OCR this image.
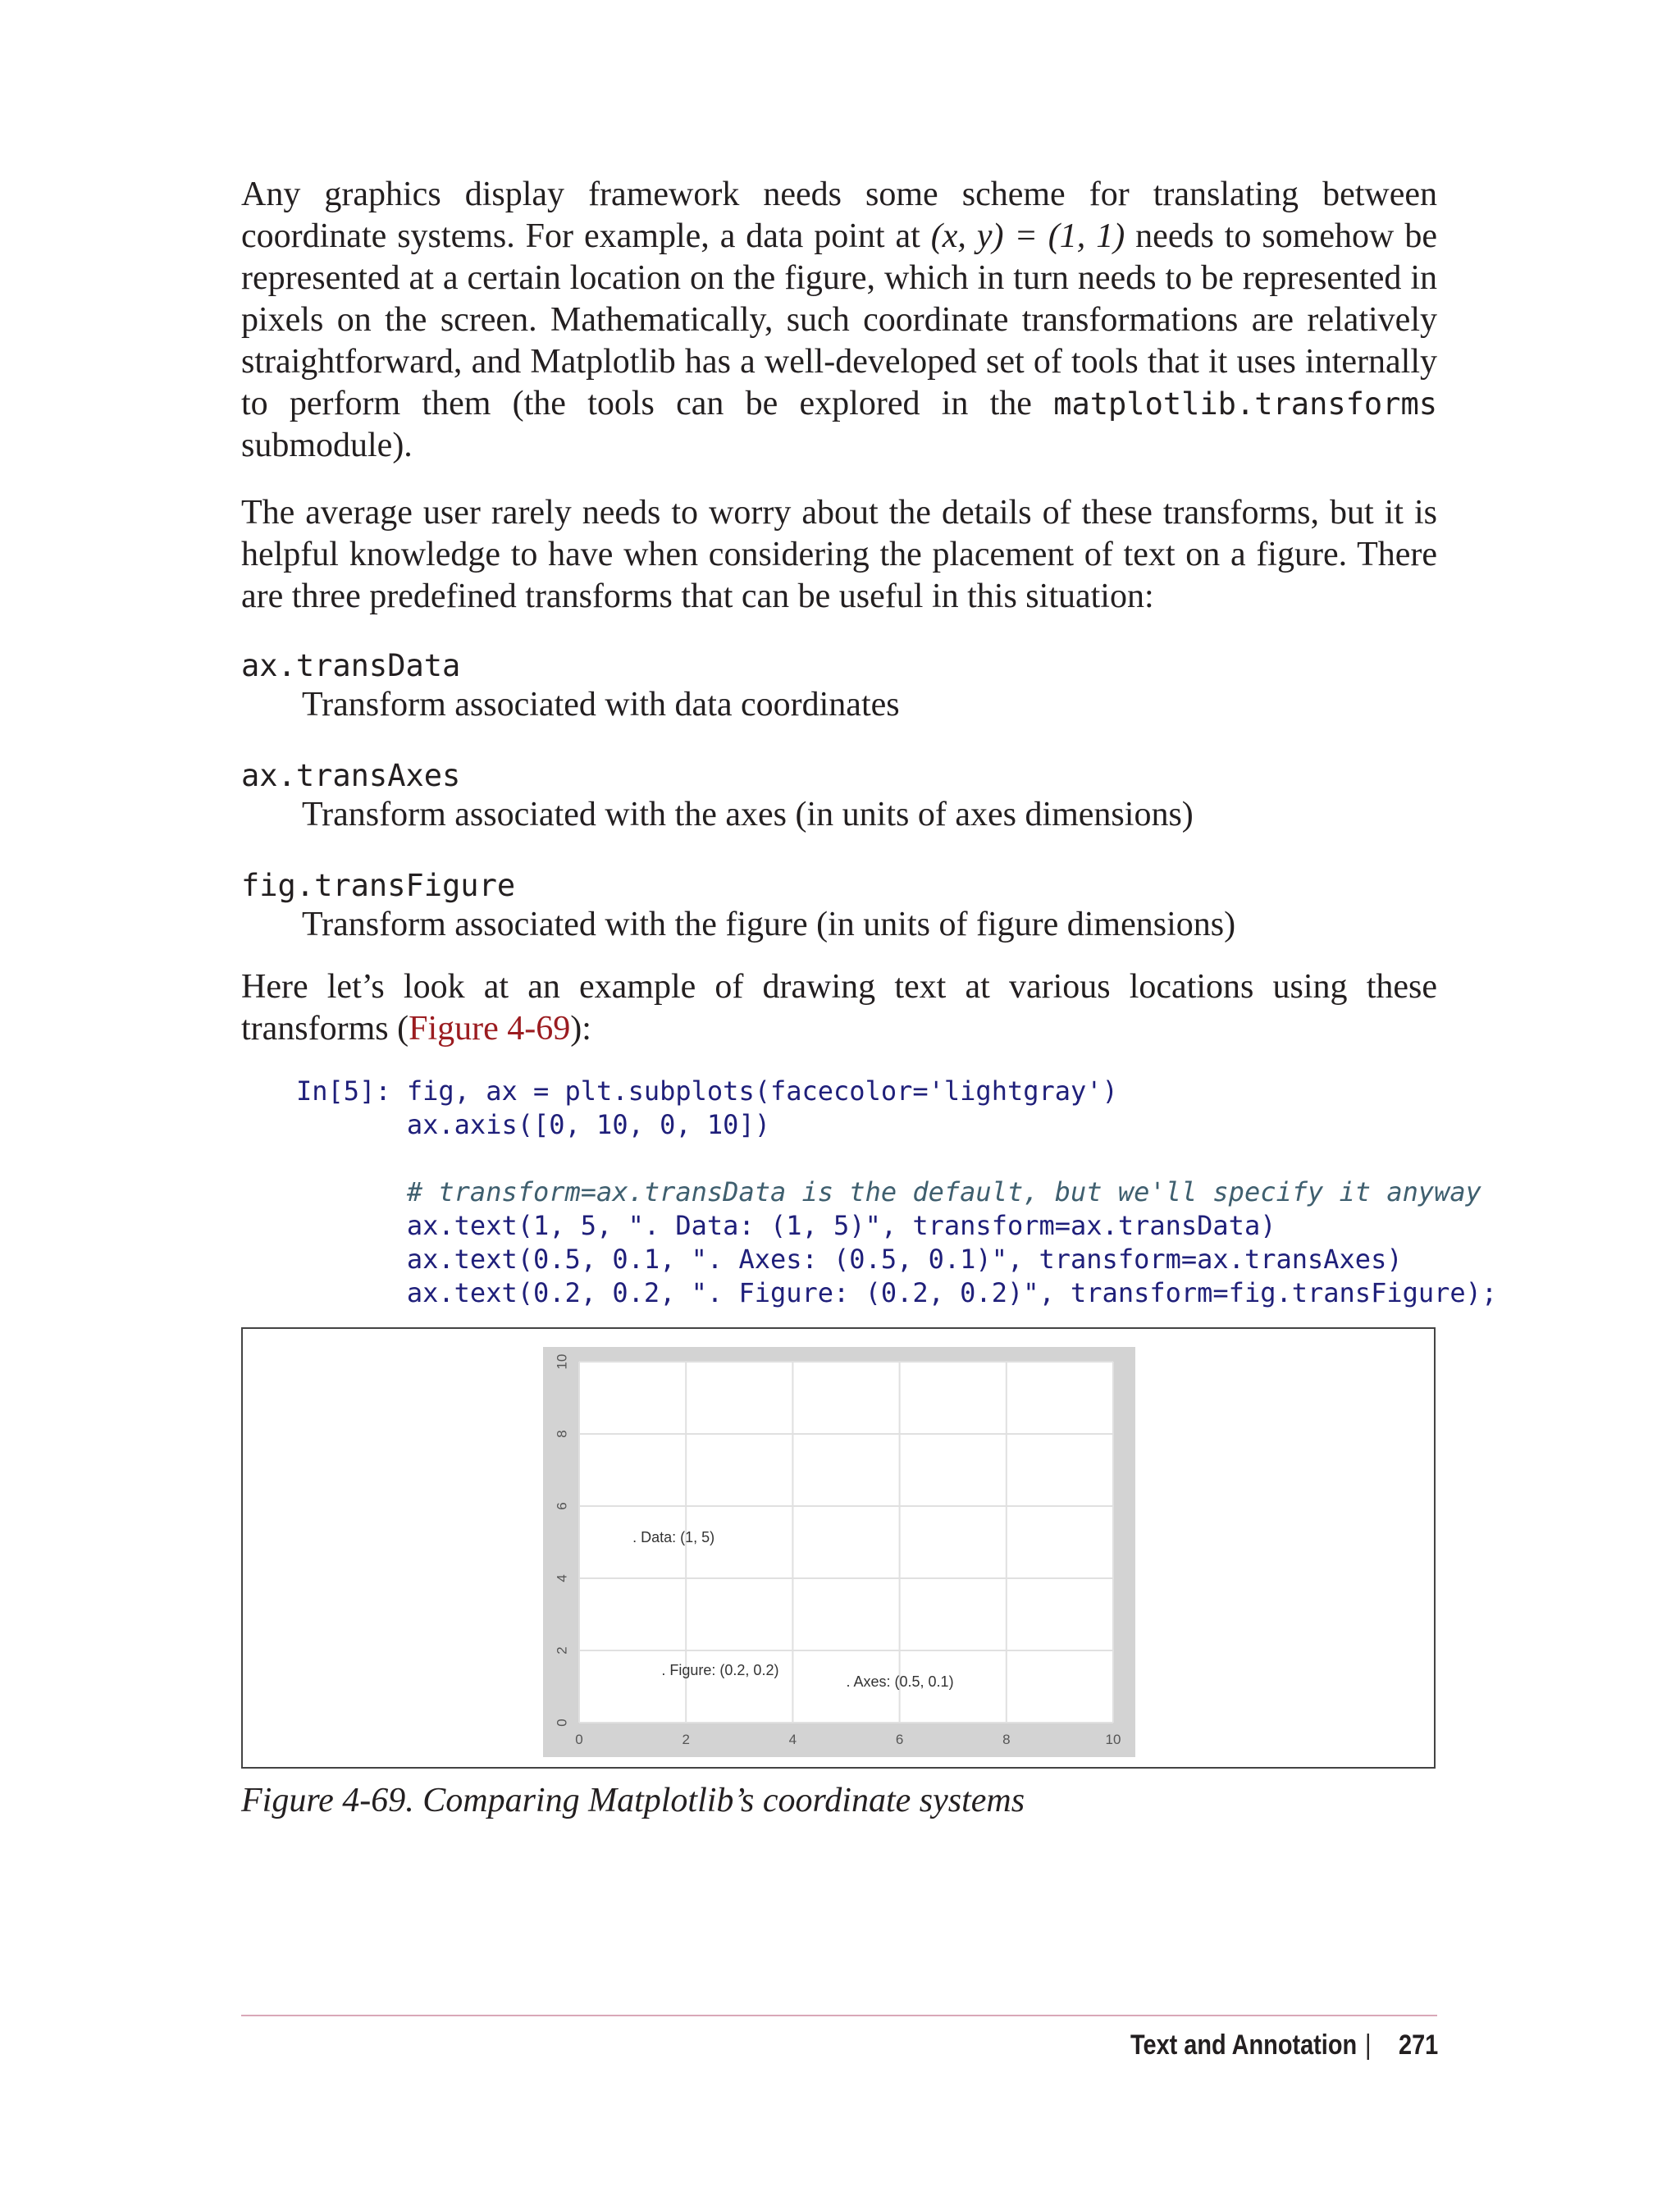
Any graphics display framework needs some scheme for translating between coordinate systems. For example, a data point at (x, y) = (1, 1) needs to somehow be represented at a certain location on the figure, which in turn needs to be represented in pixels on the screen. Mathematically, such coordinate transformations are relatively straightforward, and Matplotlib has a well-developed set of tools that it uses internally to perform them (the tools can be explored in the matplotlib.transforms submodule).

The average user rarely needs to worry about the details of these transforms, but it is helpful knowledge to have when considering the placement of text on a figure. There are three predefined transforms that can be useful in this situation:

ax.transData
Transform associated with data coordinates
ax.transAxes
Transform associated with the axes (in units of axes dimensions)
fig.transFigure
Transform associated with the figure (in units of figure dimensions)

Here let’s look at an example of drawing text at various locations using these transforms (Figure 4-69):

In[5]: fig, ax = plt.subplots(facecolor='lightgray')
ax.axis([0, 10, 0, 10])

# transform=ax.transData is the default, but we'll specify it anyway
ax.text(1, 5, ". Data: (1, 5)", transform=ax.transData)
ax.text(0.5, 0.1, ". Axes: (0.5, 0.1)", transform=ax.transAxes)
ax.text(0.2, 0.2, ". Figure: (0.2, 0.2)", transform=fig.transFigure);
0	2	4	6	8	10
0
2
4
6
8
10
. Data: (1, 5)
. Axes: (0.5, 0.1)
. Figure: (0.2, 0.2)
Figure 4-69. Comparing Matplotlib’s coordinate systems
Text and Annotation | 271
